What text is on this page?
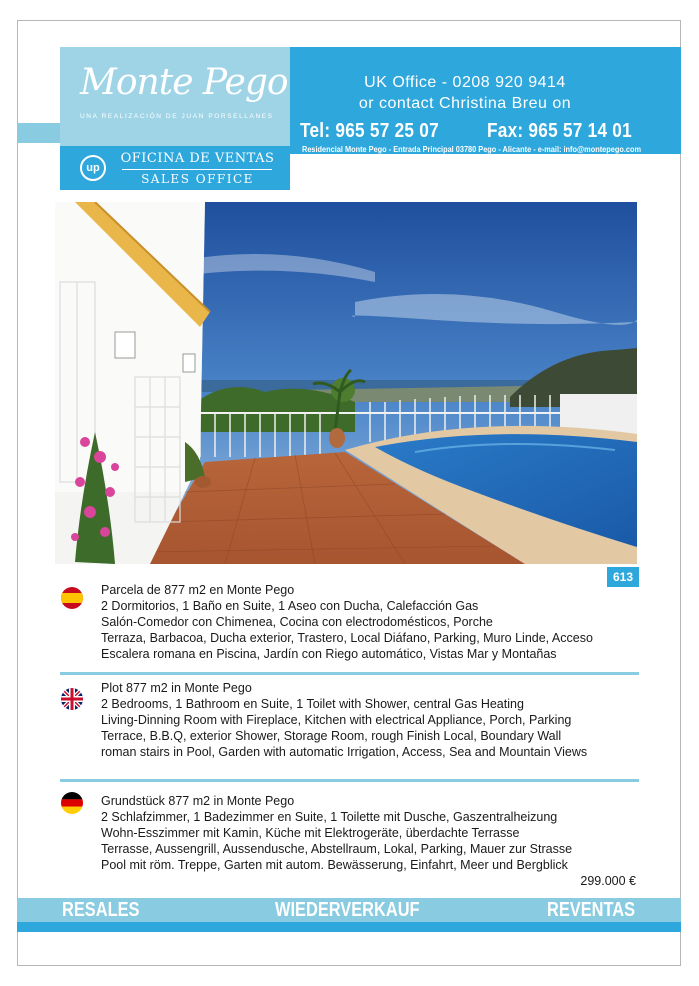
Monte Pego
UNA REALIZACIÓN DE JUAN PORSELLANES
up
OFICINA DE VENTAS
SALES OFFICE
UK Office - 0208 920 9414
or contact Christina Breu on
Tel: 965 57 25 07 Fax: 965 57 14 01
Residencial Monte Pego - Entrada Principal 03780 Pego - Alicante - e-mail: info@montepego.com
613
Parcela de 877 m2 en Monte Pego
2 Dormitorios, 1 Baño en Suite, 1 Aseo con Ducha, Calefacción Gas
Salón-Comedor con Chimenea, Cocina con electrodomésticos, Porche
Terraza, Barbacoa, Ducha exterior, Trastero, Local Diáfano, Parking, Muro Linde, Acceso
Escalera romana en Piscina, Jardín con Riego automático, Vistas Mar y Montañas
Plot 877 m2 in Monte Pego
2 Bedrooms, 1 Bathroom en Suite, 1 Toilet with Shower, central Gas Heating
Living-Dinning Room with Fireplace, Kitchen with electrical Appliance, Porch, Parking
Terrace, B.B.Q, exterior Shower, Storage Room, rough Finish Local, Boundary Wall
roman stairs in Pool, Garden with automatic Irrigation, Access, Sea and Mountain Views
Grundstück 877 m2 in Monte Pego
2 Schlafzimmer, 1 Badezimmer en Suite, 1 Toilette mit Dusche, Gaszentralheizung
Wohn-Esszimmer mit Kamin, Küche mit Elektrogeräte, überdachte Terrasse
Terrasse, Aussengrill, Aussendusche, Abstellraum, Lokal, Parking, Mauer zur Strasse
Pool mit röm. Treppe, Garten mit autom. Bewässerung, Einfahrt, Meer und Bergblick
299.000 €
RESALES	WIEDERVERKAUF	REVENTAS
